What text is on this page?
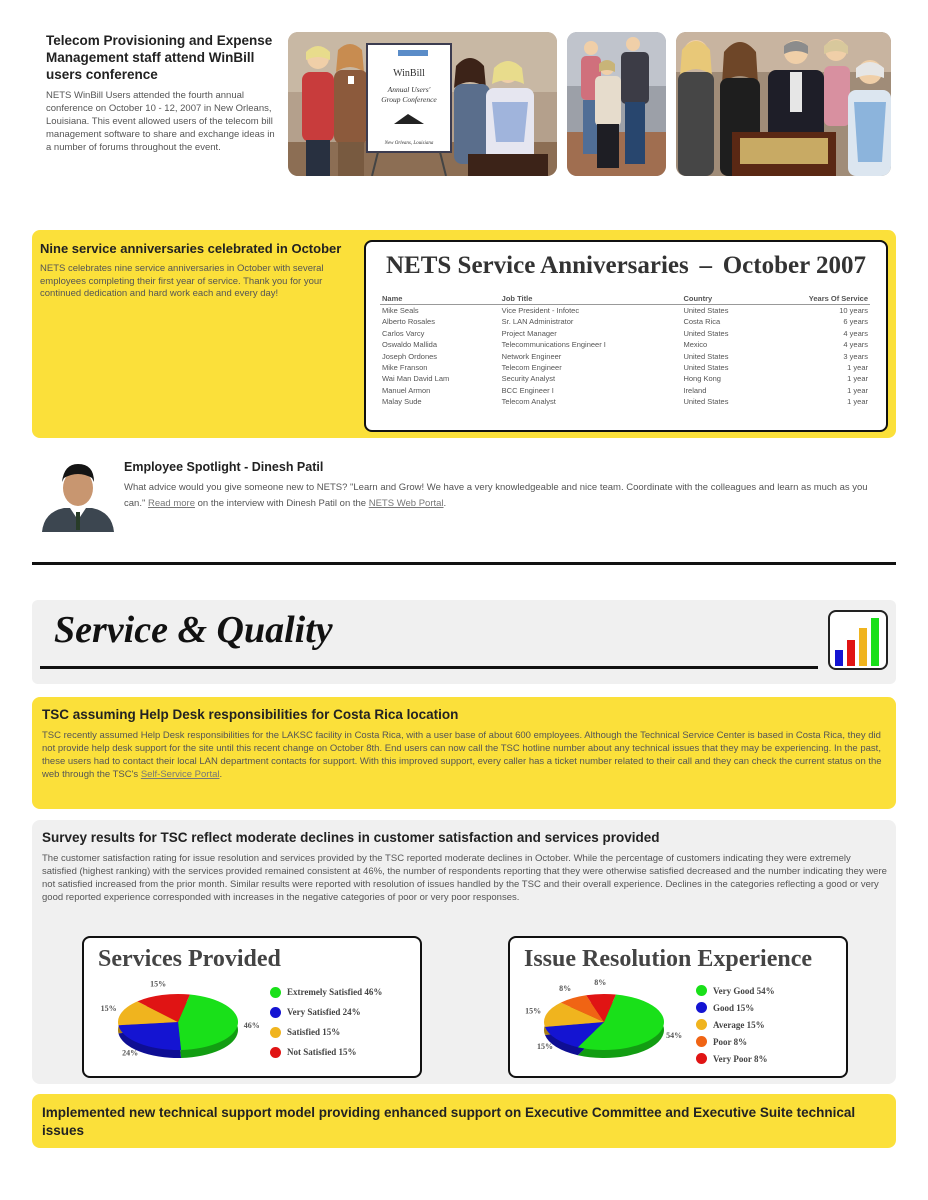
Telecom Provisioning and Expense Management staff attend WinBill users conference
NETS WinBill Users attended the fourth annual conference on October 10 - 12, 2007 in New Orleans, Louisiana. This event allowed users of the telecom bill management software to share and exchange ideas in a number of forums throughout the event.
WinBill
Annual Users'
Group Conference
New Orleans, Louisiana
Nine service anniversaries celebrated in October
NETS celebrates nine service anniversaries in October with several employees completing their first year of service. Thank you for your continued dedication and hard work each and every day!
NETS Service Anniversaries – October 2007
Name	Job Title	Country	Years Of Service
Mike Seals	Vice President - Infotec	United States	10 years
Alberto Rosales	Sr. LAN Administrator	Costa Rica	6 years
Carlos Varcy	Project Manager	United States	4 years
Oswaldo Mallida	Telecommunications Engineer I	Mexico	4 years
Joseph Ordones	Network Engineer	United States	3 years
Mike Franson	Telecom Engineer	United States	1 year
Wai Man David Lam	Security Analyst	Hong Kong	1 year
Manuel Armon	BCC Engineer I	Ireland	1 year
Malay Sude	Telecom Analyst	United States	1 year
Employee Spotlight - Dinesh Patil
What advice would you give someone new to NETS? "Learn and Grow! We have a very knowledgeable and nice team. Coordinate with the colleagues and learn as much as you can." Read more on the interview with Dinesh Patil on the NETS Web Portal.
Service & Quality
TSC assuming Help Desk responsibilities for Costa Rica location
TSC recently assumed Help Desk responsibilities for the LAKSC facility in Costa Rica, with a user base of about 600 employees. Although the Technical Service Center is based in Costa Rica, they did not provide help desk support for the site until this recent change on October 8th. End users can now call the TSC hotline number about any technical issues that they may be experiencing. In the past, these users had to contact their local LAN department contacts for support. With this improved support, every caller has a ticket number related to their call and they can check the current status on the web through the TSC's Self-Service Portal.
Survey results for TSC reflect moderate declines in customer satisfaction and services provided
The customer satisfaction rating for issue resolution and services provided by the TSC reported moderate declines in October. While the percentage of customers indicating they were extremely satisfied (highest ranking) with the services provided remained consistent at 46%, the number of respondents reporting that they were otherwise satisfied decreased and the number indicating they were not satisfied increased from the prior month. Similar results were reported with resolution of issues handled by the TSC and their overall experience. Declines in the categories reflecting a good or very good reported experience corresponded with increases in the negative categories of poor or very poor responses.
Services Provided
46%
24%
15%
15%
Extremely Satisfied 46%
Very Satisfied 24%
Satisfied 15%
Not Satisfied 15%
Issue Resolution Experience
54%
15%
15%
8%
8%
Very Good 54%
Good 15%
Average 15%
Poor 8%
Very Poor 8%
Implemented new technical support model providing enhanced support on Executive Committee and Executive Suite technical issues
